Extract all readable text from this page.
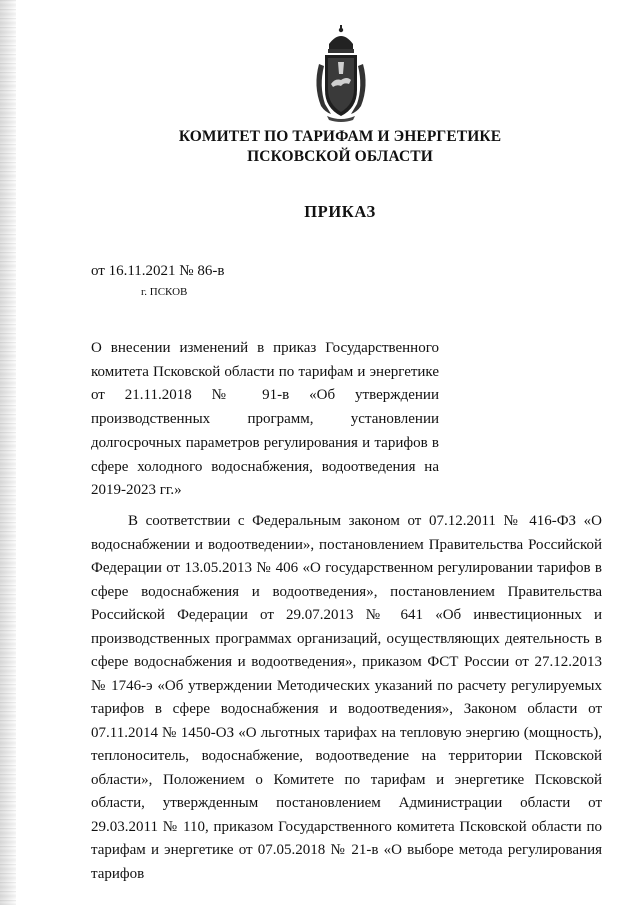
КОМИТЕТ ПО ТАРИФАМ И ЭНЕРГЕТИКЕ
ПСКОВСКОЙ ОБЛАСТИ
ПРИКАЗ
от 16.11.2021 № 86-в
г. ПСКОВ
О внесении изменений в приказ Государственного комитета Псковской области по тарифам и энергетике от 21.11.2018 № 91-в «Об утверждении производственных программ, установлении долгосрочных параметров регулирования и тарифов в сфере холодного водоснабжения, водоотведения на 2019-2023 гг.»
В соответствии с Федеральным законом от 07.12.2011 № 416-ФЗ «О водоснабжении и водоотведении», постановлением Правительства Российской Федерации от 13.05.2013 № 406 «О государственном регулировании тарифов в сфере водоснабжения и водоотведения», постановлением Правительства Российской Федерации от 29.07.2013 № 641 «Об инвестиционных и производственных программах организаций, осуществляющих деятельность в сфере водоснабжения и водоотведения», приказом ФСТ России от 27.12.2013 № 1746-э «Об утверждении Методических указаний по расчету регулируемых тарифов в сфере водоснабжения и водоотведения», Законом области от 07.11.2014 № 1450-ОЗ «О льготных тарифах на тепловую энергию (мощность), теплоноситель, водоснабжение, водоотведение на территории Псковской области», Положением о Комитете по тарифам и энергетике Псковской области, утвержденным постановлением Администрации области от 29.03.2011 № 110, приказом Государственного комитета Псковской области по тарифам и энергетике от 07.05.2018 № 21-в «О выборе метода регулирования тарифов
